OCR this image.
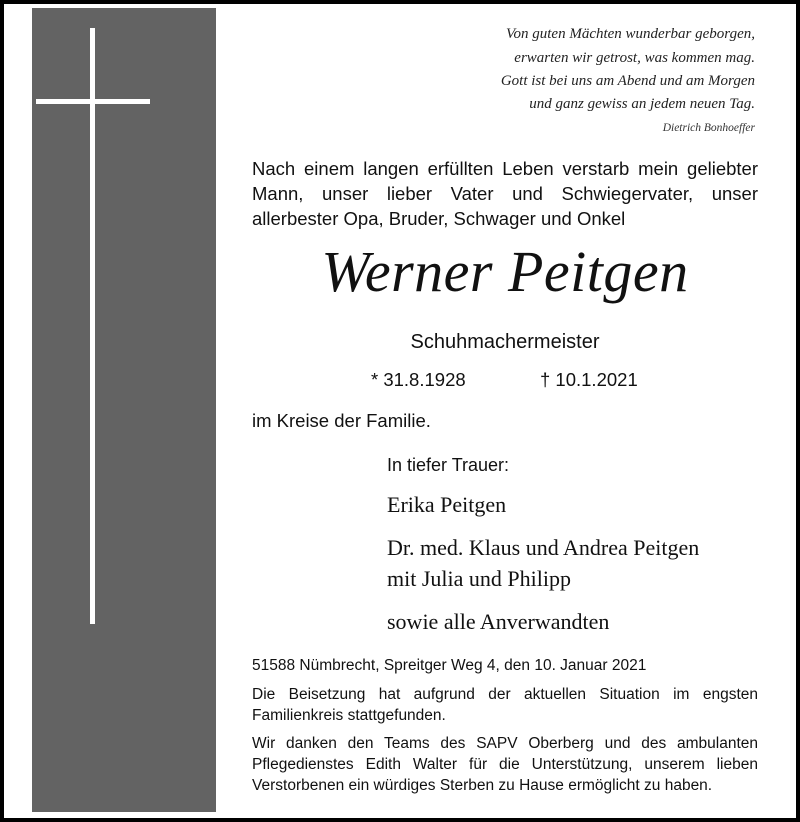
Von guten Mächten wunderbar geborgen,

erwarten wir getrost, was kommen mag.

Gott ist bei uns am Abend und am Morgen

und ganz gewiss an jedem neuen Tag.

Dietrich Bonhoeffer

Nach einem langen erfüllten Leben verstarb mein geliebter

Mann, unser lieber Vater und Schwiegervater, unser

allerbester Opa, Bruder, Schwager und Onkel

Werner Peitgen

Schuhmachermeister

* 31.8.1928	† 10.1.2021

im Kreise der Familie.

In tiefer Trauer:

Erika Peitgen

Dr. med. Klaus und Andrea Peitgen

mit Julia und Philipp

sowie alle Anverwandten

51588 Nümbrecht, Spreitger Weg 4, den 10. Januar 2021

Die Beisetzung hat aufgrund der aktuellen Situation im engsten

Familienkreis stattgefunden.

Wir danken den Teams des SAPV Oberberg und des ambulanten

Pflegedienstes Edith Walter für die Unterstützung, unserem lieben

Verstorbenen ein würdiges Sterben zu Hause ermöglicht zu haben.
